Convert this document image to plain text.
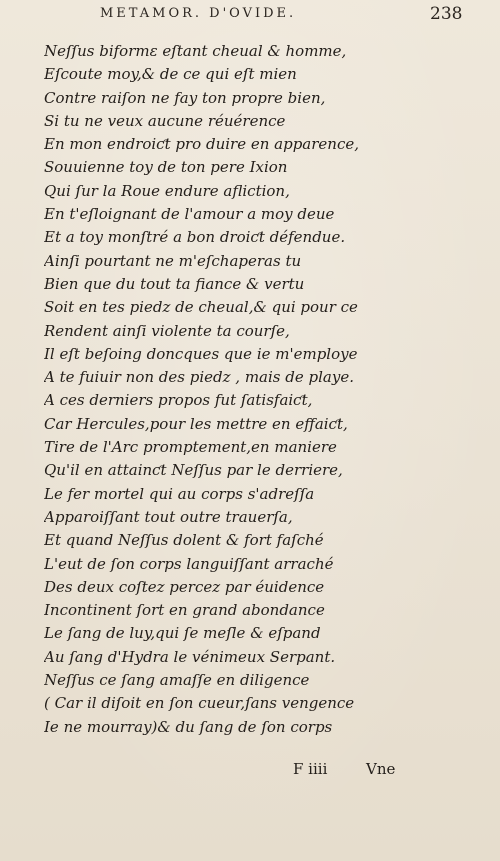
METAMOR. D'OVIDE.	238
Neſſus biformε eſtant cheual & homme,
Eſcoute moy,& de ce qui eſt mien
Contre raiſon ne fay ton propre bien,
Si tu ne veux aucune réuérence
En mon endroiƈt pro duire en apparence,
Souuienne toy de ton pere Ixion
Qui ſur la Roue endure afliction,
En t'eſloignant de l'amour a moy deue
Et a toy monſtré a bon droiƈt défendue.
Ainſi pourtant ne m'eſchaperas tu
Bien que du tout ta fiance & vertu
Soit en tes piedz de cheual,& qui pour ce
Rendent ainſi violente ta courſe,
Il eſt beſoing doncques que ie m'employe
A te fuiuir non des piedz , mais de playe.
A ces derniers propos fut ſatisfaiƈt,
Car Hercules,pour les mettre en effaiƈt,
Tire de l'Arc promptement,en maniere
Qu'il en attainƈt Neſſus par le derriere,
Le fer mortel qui au corps s'adreſſa
Apparoiſſant tout outre trauerſa,
Et quand Neſſus dolent & fort faſché
L'eut de ſon corps languiſſant arraché
Des deux coſtez percez par éuidence
Incontinent ſort en grand abondance
Le ſang de luy,qui ſe meſle & eſpand
Au ſang d'Hydra le vénimeux Serpant.
Neſſus ce ſang amaſſe en diligence
( Car il diſoit en ſon cueur,ſans vengence
Ie ne mourray)& du ſang de ſon corps
F iiii	Vne
